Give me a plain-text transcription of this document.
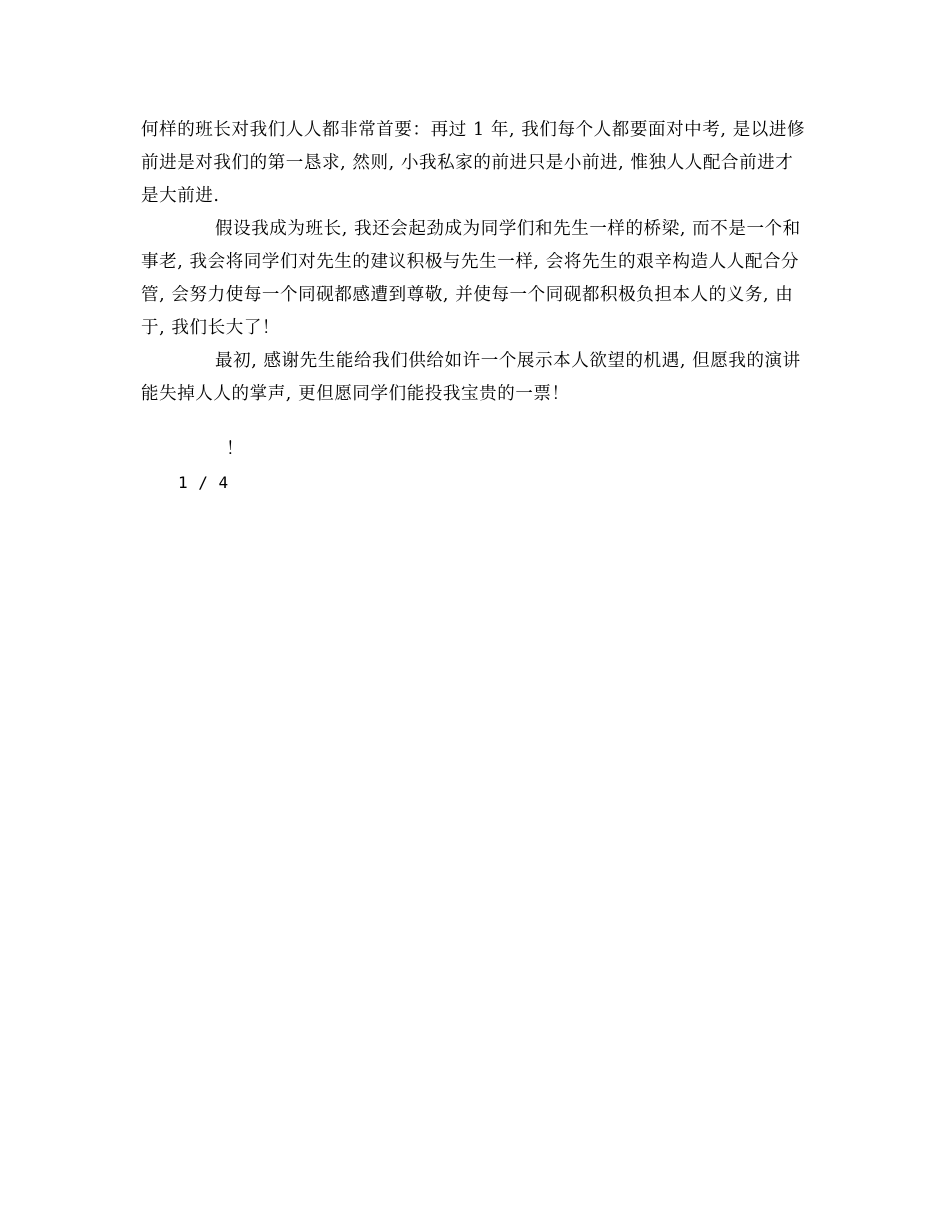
何样的班长对我们人人都非常首要：再过 1 年, 我们每个人都要面对中考, 是以进修
前进是对我们的第一恳求, 然则, 小我私家的前进只是小前进, 惟独人人配合前进才
是大前进.

假设我成为班长, 我还会起劲成为同学们和先生一样的桥梁, 而不是一个和
事老, 我会将同学们对先生的建议积极与先生一样, 会将先生的艰辛构造人人配合分
管, 会努力使每一个同砚都感遭到尊敬, 并使每一个同砚都积极负担本人的义务, 由
于, 我们长大了！

最初, 感谢先生能给我们供给如许一个展示本人欲望的机遇, 但愿我的演讲
能失掉人人的掌声, 更但愿同学们能投我宝贵的一票！

！
1 / 4
